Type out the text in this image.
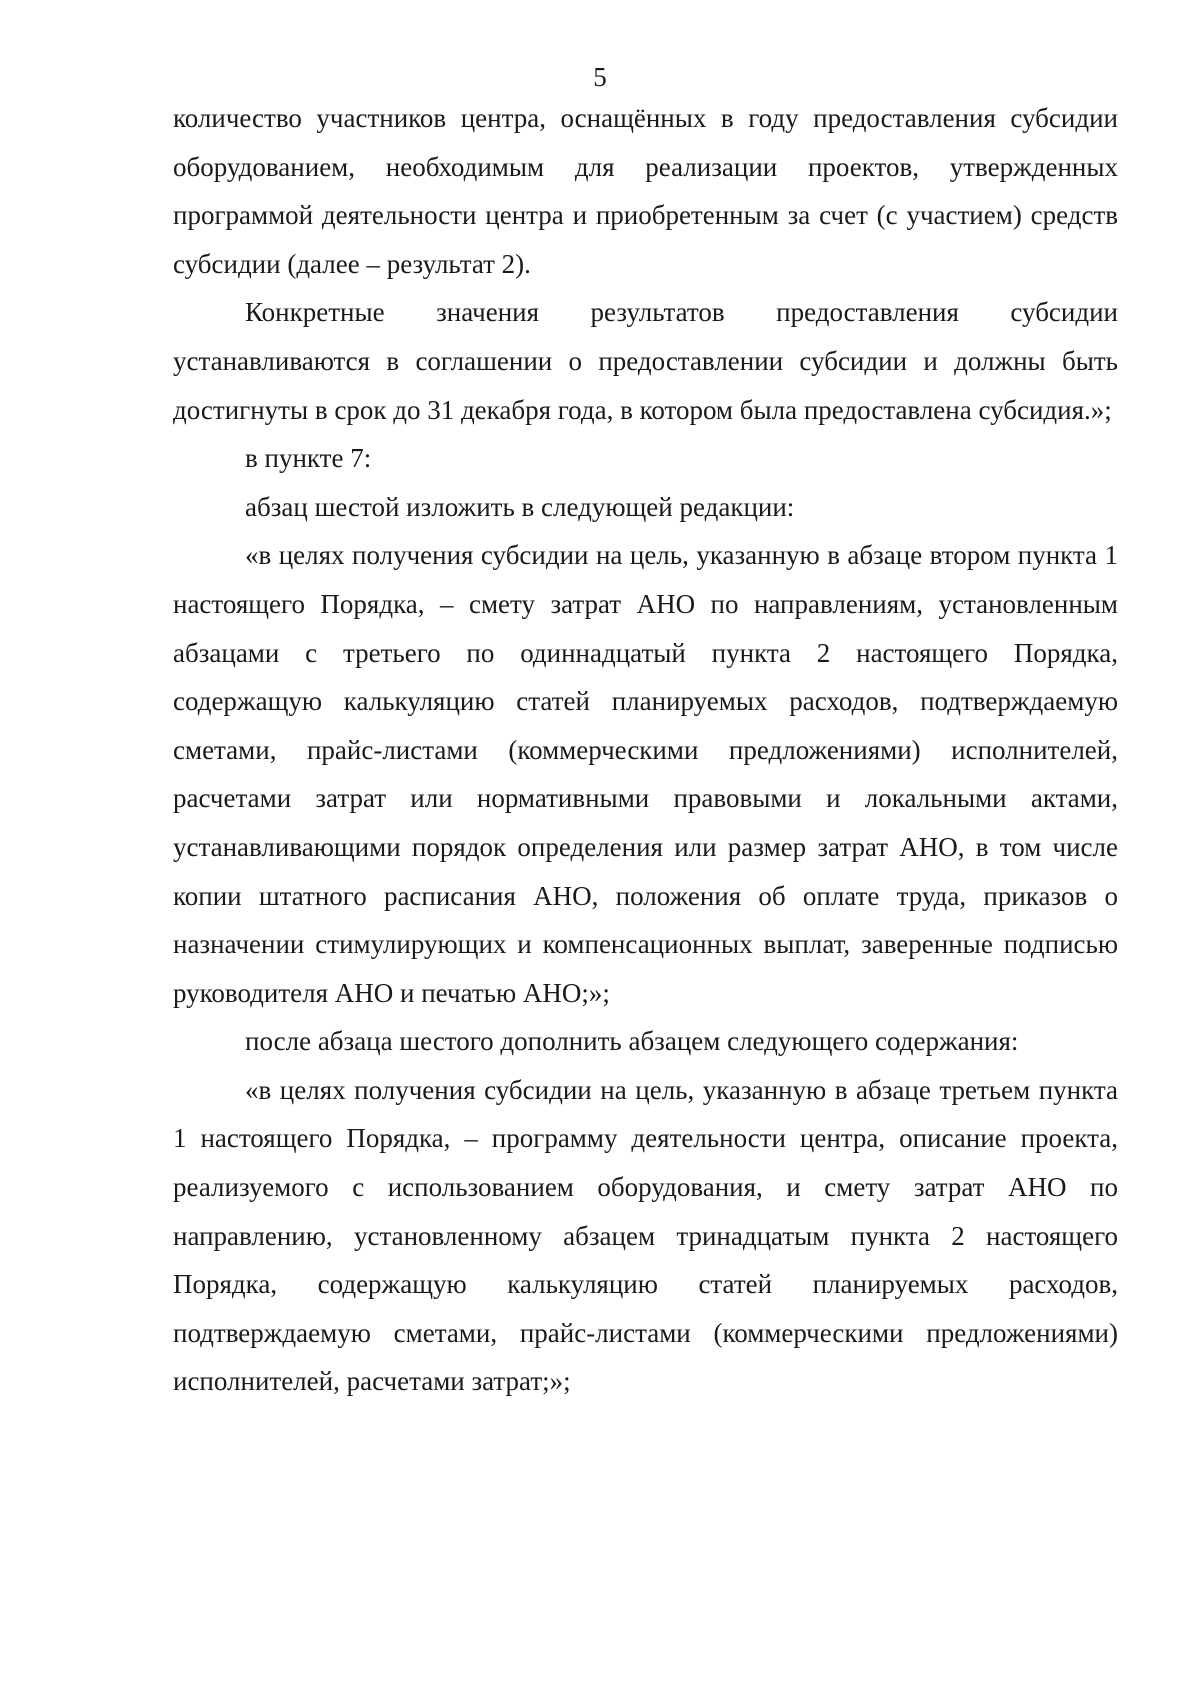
5

количество участников центра, оснащённых в году предоставления субсидии оборудованием, необходимым для реализации проектов, утвержденных программой деятельности центра и приобретенным за счет (с участием) средств субсидии (далее – результат 2).

Конкретные значения результатов предоставления субсидии устанавливаются в соглашении о предоставлении субсидии и должны быть достигнуты в срок до 31 декабря года, в котором была предоставлена субсидия.»;

в пункте 7:

абзац шестой изложить в следующей редакции:

«в целях получения субсидии на цель, указанную в абзаце втором пункта 1 настоящего Порядка, – смету затрат АНО по направлениям, установленным абзацами с третьего по одиннадцатый пункта 2 настоящего Порядка, содержащую калькуляцию статей планируемых расходов, подтверждаемую сметами, прайс-листами (коммерческими предложениями) исполнителей, расчетами затрат или нормативными правовыми и локальными актами, устанавливающими порядок определения или размер затрат АНО, в том числе копии штатного расписания АНО, положения об оплате труда, приказов о назначении стимулирующих и компенсационных выплат, заверенные подписью руководителя АНО и печатью АНО;»;

после абзаца шестого дополнить абзацем следующего содержания:

«в целях получения субсидии на цель, указанную в абзаце третьем пункта 1 настоящего Порядка, – программу деятельности центра, описание проекта, реализуемого с использованием оборудования, и смету затрат АНО по направлению, установленному абзацем тринадцатым пункта 2 настоящего Порядка, содержащую калькуляцию статей планируемых расходов, подтверждаемую сметами, прайс-листами (коммерческими предложениями) исполнителей, расчетами затрат;»;
